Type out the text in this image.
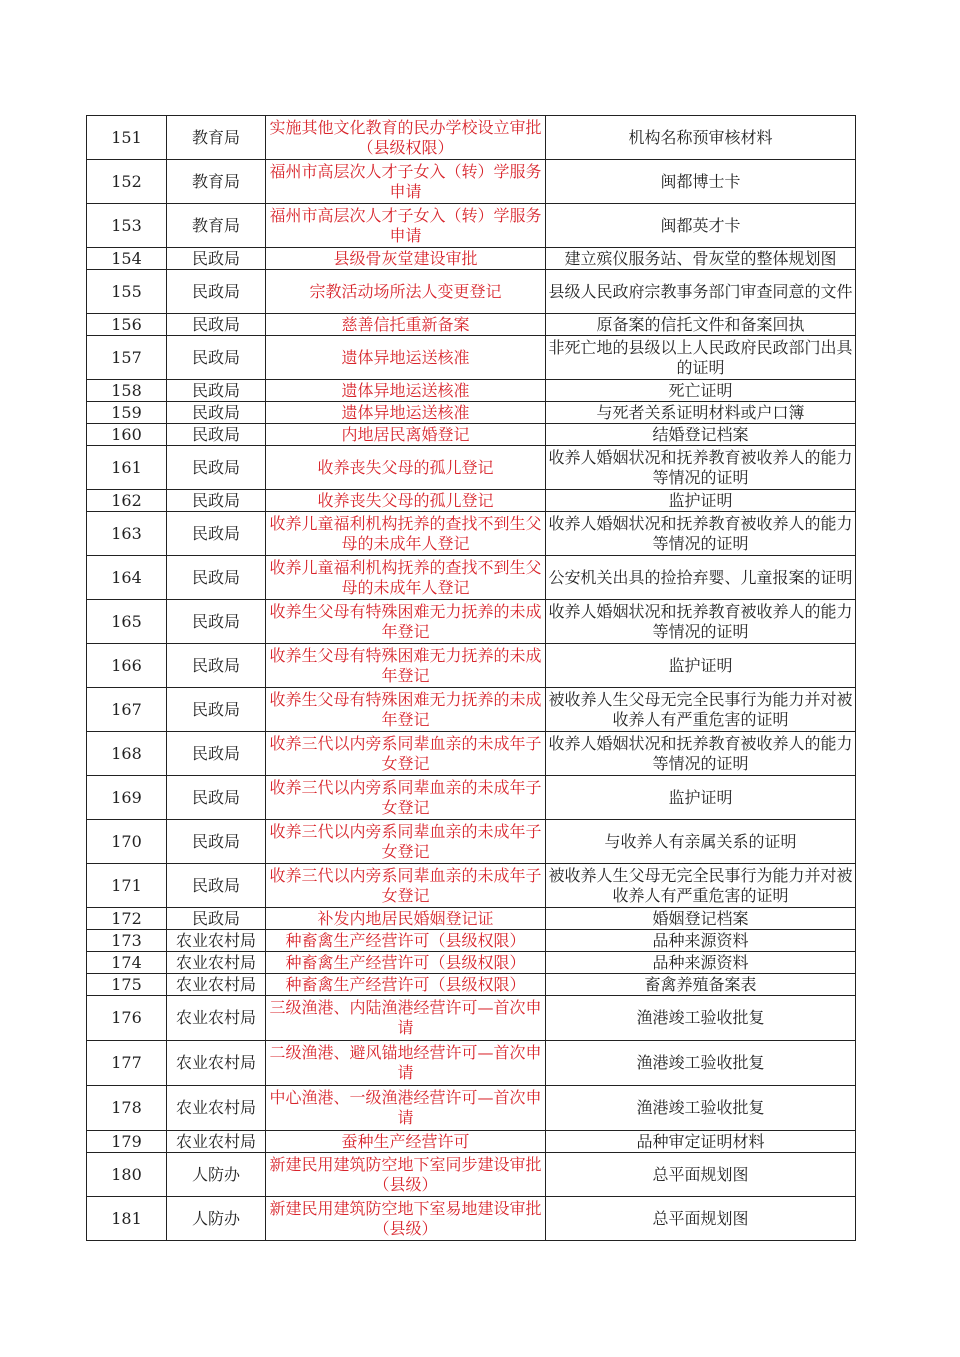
151	教育局	实施其他文化教育的民办学校设立审批（县级权限）	机构名称预审核材料
152	教育局	福州市高层次人才子女入（转）学服务申请	闽都博士卡
153	教育局	福州市高层次人才子女入（转）学服务申请	闽都英才卡
154	民政局	县级骨灰堂建设审批	建立殡仪服务站、骨灰堂的整体规划图
155	民政局	宗教活动场所法人变更登记	县级人民政府宗教事务部门审查同意的文件
156	民政局	慈善信托重新备案	原备案的信托文件和备案回执
157	民政局	遗体异地运送核准	非死亡地的县级以上人民政府民政部门出具的证明
158	民政局	遗体异地运送核准	死亡证明
159	民政局	遗体异地运送核准	与死者关系证明材料或户口簿
160	民政局	内地居民离婚登记	结婚登记档案
161	民政局	收养丧失父母的孤儿登记	收养人婚姻状况和抚养教育被收养人的能力等情况的证明
162	民政局	收养丧失父母的孤儿登记	监护证明
163	民政局	收养儿童福利机构抚养的查找不到生父母的未成年人登记	收养人婚姻状况和抚养教育被收养人的能力等情况的证明
164	民政局	收养儿童福利机构抚养的查找不到生父母的未成年人登记	公安机关出具的捡拾弃婴、儿童报案的证明
165	民政局	收养生父母有特殊困难无力抚养的未成年登记	收养人婚姻状况和抚养教育被收养人的能力等情况的证明
166	民政局	收养生父母有特殊困难无力抚养的未成年登记	监护证明
167	民政局	收养生父母有特殊困难无力抚养的未成年登记	被收养人生父母无完全民事行为能力并对被收养人有严重危害的证明
168	民政局	收养三代以内旁系同辈血亲的未成年子女登记	收养人婚姻状况和抚养教育被收养人的能力等情况的证明
169	民政局	收养三代以内旁系同辈血亲的未成年子女登记	监护证明
170	民政局	收养三代以内旁系同辈血亲的未成年子女登记	与收养人有亲属关系的证明
171	民政局	收养三代以内旁系同辈血亲的未成年子女登记	被收养人生父母无完全民事行为能力并对被收养人有严重危害的证明
172	民政局	补发内地居民婚姻登记证	婚姻登记档案
173	农业农村局	种畜禽生产经营许可（县级权限）	品种来源资料
174	农业农村局	种畜禽生产经营许可（县级权限）	品种来源资料
175	农业农村局	种畜禽生产经营许可（县级权限）	畜禽养殖备案表
176	农业农村局	三级渔港、内陆渔港经营许可—首次申请	渔港竣工验收批复
177	农业农村局	二级渔港、避风锚地经营许可—首次申请	渔港竣工验收批复
178	农业农村局	中心渔港、一级渔港经营许可—首次申请	渔港竣工验收批复
179	农业农村局	蚕种生产经营许可	品种审定证明材料
180	人防办	新建民用建筑防空地下室同步建设审批（县级）	总平面规划图
181	人防办	新建民用建筑防空地下室易地建设审批（县级）	总平面规划图
